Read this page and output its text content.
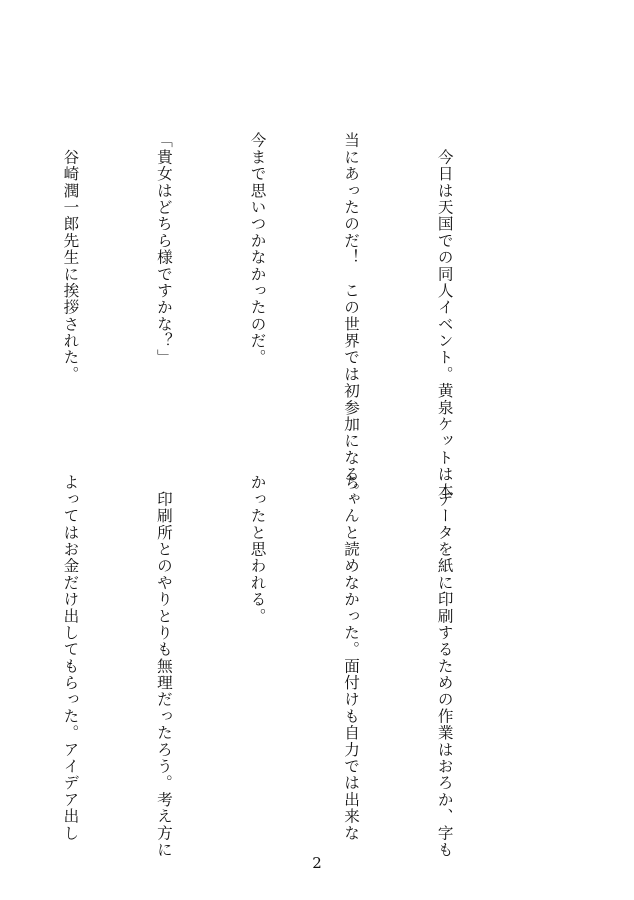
　今日は天国での同人イベント。黄泉ケットは本

当にあったのだ！　この世界では初参加になる。

今まで思いつかなかったのだ。

「貴女はどちら様ですかな？」

　谷崎潤一郎先生に挨拶された。

　データを紙に印刷するための作業はおろか、字も

ちゃんと読めなかった。面付けも自力では出来な

かったと思われる。

　印刷所とのやりとりも無理だったろう。考え方に

よってはお金だけ出してもらった。アイデア出し

2
